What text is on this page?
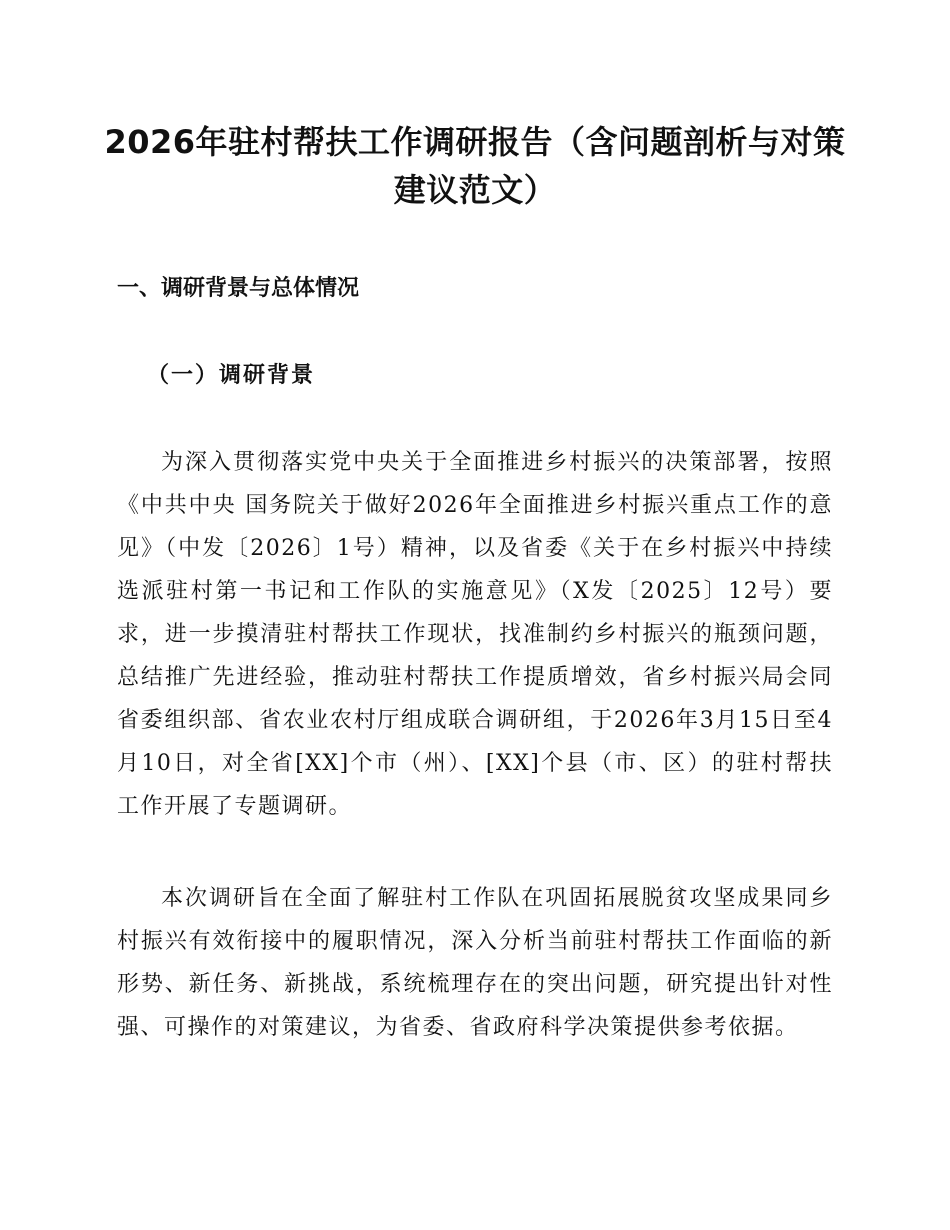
2026年驻村帮扶工作调研报告（含问题剖析与对策建议范文）
一、调研背景与总体情况
（一）调研背景

为深入贯彻落实党中央关于全面推进乡村振兴的决策部署，按照《中共中央 国务院关于做好2026年全面推进乡村振兴重点工作的意见》（中发〔2026〕1号）精神，以及省委《关于在乡村振兴中持续选派驻村第一书记和工作队的实施意见》（X发〔2025〕12号）要求，进一步摸清驻村帮扶工作现状，找准制约乡村振兴的瓶颈问题，总结推广先进经验，推动驻村帮扶工作提质增效，省乡村振兴局会同省委组织部、省农业农村厅组成联合调研组，于2026年3月15日至4月10日，对全省[XX]个市（州）、[XX]个县（市、区）的驻村帮扶工作开展了专题调研。

本次调研旨在全面了解驻村工作队在巩固拓展脱贫攻坚成果同乡村振兴有效衔接中的履职情况，深入分析当前驻村帮扶工作面临的新形势、新任务、新挑战，系统梳理存在的突出问题，研究提出针对性强、可操作的对策建议，为省委、省政府科学决策提供参考依据。
